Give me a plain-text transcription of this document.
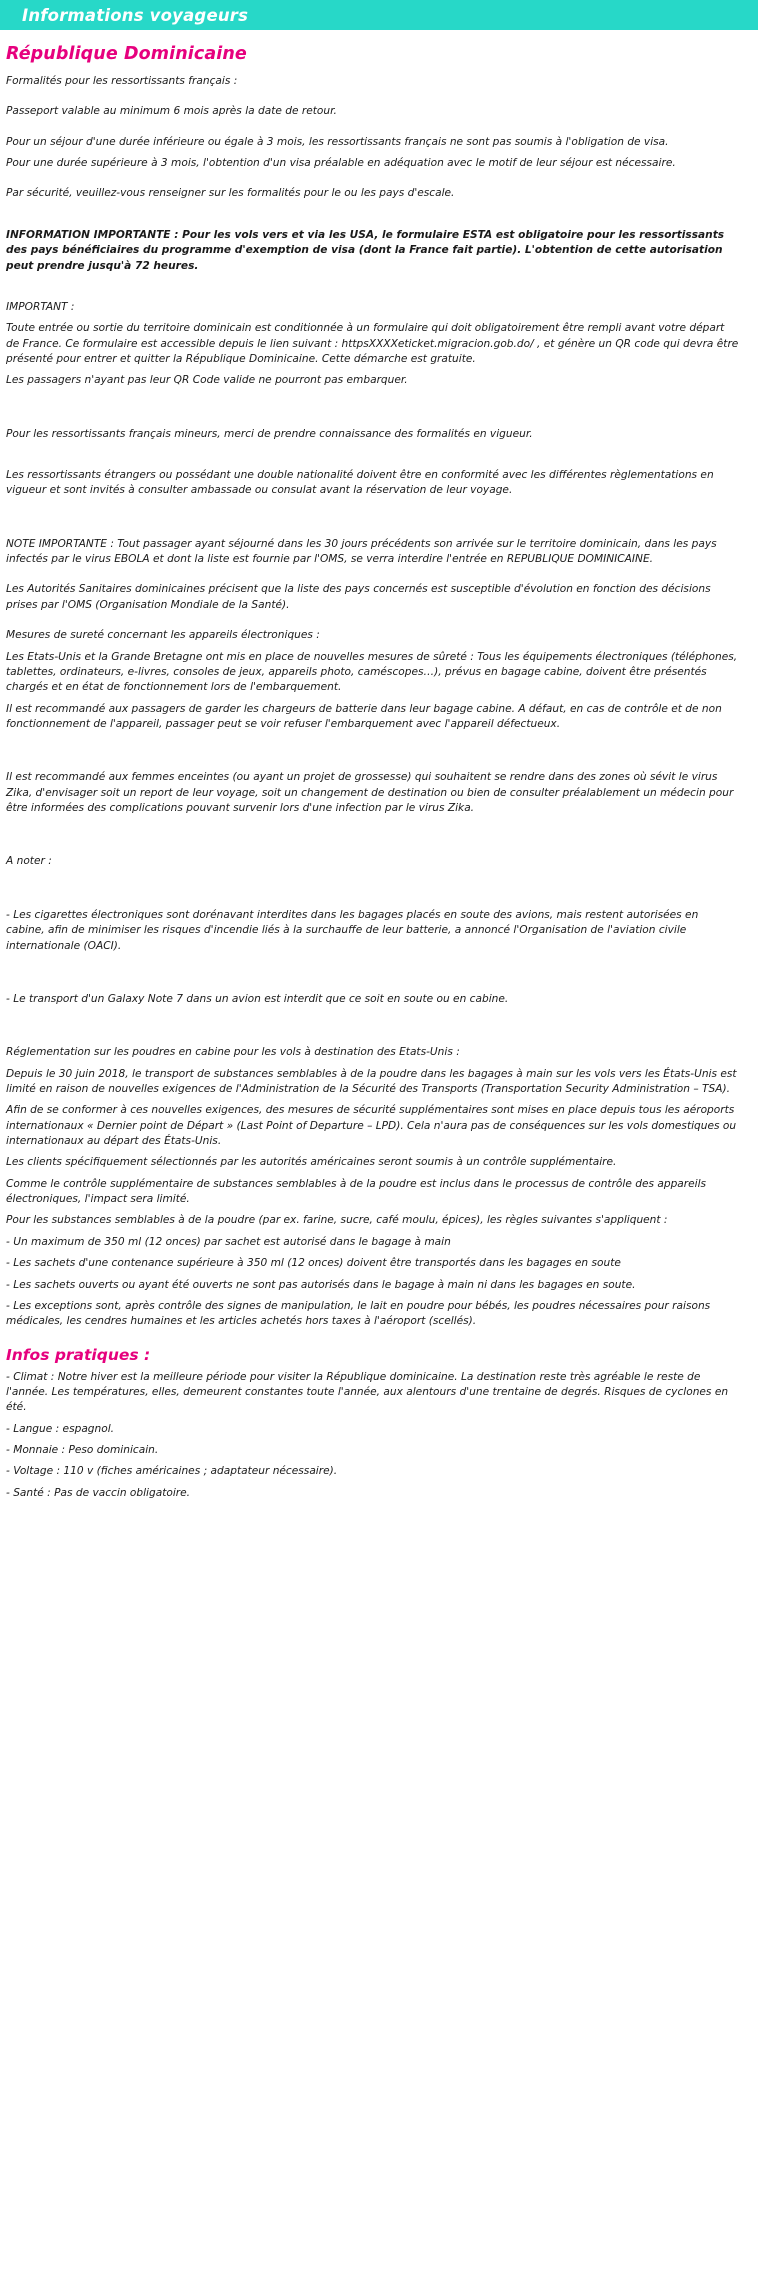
Informations voyageurs
République Dominicaine

Formalités pour les ressortissants français :

Passeport valable au minimum 6 mois après la date de retour.

Pour un séjour d'une durée inférieure ou égale à 3 mois, les ressortissants français ne sont pas soumis à l'obligation de visa.

Pour une durée supérieure à 3 mois, l'obtention d'un visa préalable en adéquation avec le motif de leur séjour est nécessaire.

Par sécurité, veuillez-vous renseigner sur les formalités pour le ou les pays d'escale.

INFORMATION IMPORTANTE : Pour les vols vers et via les USA, le formulaire ESTA est obligatoire pour les ressortissants des pays bénéficiaires du programme d'exemption de visa (dont la France fait partie). L'obtention de cette autorisation peut prendre jusqu'à 72 heures.

IMPORTANT :

Toute entrée ou sortie du territoire dominicain est conditionnée à un formulaire qui doit obligatoirement être rempli avant votre départ de France. Ce formulaire est accessible depuis le lien suivant : httpsXXXXeticket.migracion.gob.do/ , et génère un QR code qui devra être présenté pour entrer et quitter la République Dominicaine. Cette démarche est gratuite.

Les passagers n'ayant pas leur QR Code valide ne pourront pas embarquer.

Pour les ressortissants français mineurs, merci de prendre connaissance des formalités en vigueur.

Les ressortissants étrangers ou possédant une double nationalité doivent être en conformité avec les différentes règlementations en vigueur et sont invités à consulter ambassade ou consulat avant la réservation de leur voyage.

NOTE IMPORTANTE : Tout passager ayant séjourné dans les 30 jours précédents son arrivée sur le territoire dominicain, dans les pays infectés par le virus EBOLA et dont la liste est fournie par l'OMS, se verra interdire l'entrée en REPUBLIQUE DOMINICAINE.

Les Autorités Sanitaires dominicaines précisent que la liste des pays concernés est susceptible d'évolution en fonction des décisions prises par l'OMS (Organisation Mondiale de la Santé).

Mesures de sureté concernant les appareils électroniques :

Les Etats-Unis et la Grande Bretagne ont mis en place de nouvelles mesures de sûreté : Tous les équipements électroniques (téléphones, tablettes, ordinateurs, e-livres, consoles de jeux, appareils photo, caméscopes…), prévus en bagage cabine, doivent être présentés chargés et en état de fonctionnement lors de l'embarquement.

Il est recommandé aux passagers de garder les chargeurs de batterie dans leur bagage cabine. A défaut, en cas de contrôle et de non fonctionnement de l'appareil, passager peut se voir refuser l'embarquement avec l'appareil défectueux.

Il est recommandé aux femmes enceintes (ou ayant un projet de grossesse) qui souhaitent se rendre dans des zones où sévit le virus Zika, d'envisager soit un report de leur voyage, soit un changement de destination ou bien de consulter préalablement un médecin pour être informées des complications pouvant survenir lors d'une infection par le virus Zika.

A noter :

- Les cigarettes électroniques sont dorénavant interdites dans les bagages placés en soute des avions, mais restent autorisées en cabine, afin de minimiser les risques d'incendie liés à la surchauffe de leur batterie, a annoncé l'Organisation de l'aviation civile internationale (OACI).

- Le transport d'un Galaxy Note 7 dans un avion est interdit que ce soit en soute ou en cabine.

Réglementation sur les poudres en cabine pour les vols à destination des Etats-Unis :

Depuis le 30 juin 2018, le transport de substances semblables à de la poudre dans les bagages à main sur les vols vers les États-Unis est limité en raison de nouvelles exigences de l'Administration de la Sécurité des Transports (Transportation Security Administration – TSA).

Afin de se conformer à ces nouvelles exigences, des mesures de sécurité supplémentaires sont mises en place depuis tous les aéroports internationaux « Dernier point de Départ » (Last Point of Departure – LPD). Cela n'aura pas de conséquences sur les vols domestiques ou internationaux au départ des États-Unis.

Les clients spécifiquement sélectionnés par les autorités américaines seront soumis à un contrôle supplémentaire.

Comme le contrôle supplémentaire de substances semblables à de la poudre est inclus dans le processus de contrôle des appareils électroniques, l'impact sera limité.

Pour les substances semblables à de la poudre (par ex. farine, sucre, café moulu, épices), les règles suivantes s'appliquent :

- Un maximum de 350 ml (12 onces) par sachet est autorisé dans le bagage à main

- Les sachets d'une contenance supérieure à 350 ml (12 onces) doivent être transportés dans les bagages en soute

- Les sachets ouverts ou ayant été ouverts ne sont pas autorisés dans le bagage à main ni dans les bagages en soute.

- Les exceptions sont, après contrôle des signes de manipulation, le lait en poudre pour bébés, les poudres nécessaires pour raisons médicales, les cendres humaines et les articles achetés hors taxes à l'aéroport (scellés).

Infos pratiques :

- Climat : Notre hiver est la meilleure période pour visiter la République dominicaine. La destination reste très agréable le reste de l'année. Les températures, elles, demeurent constantes toute l'année, aux alentours d'une trentaine de degrés. Risques de cyclones en été.

- Langue : espagnol.

- Monnaie : Peso dominicain.

- Voltage : 110 v (fiches américaines ; adaptateur nécessaire).

- Santé : Pas de vaccin obligatoire.
